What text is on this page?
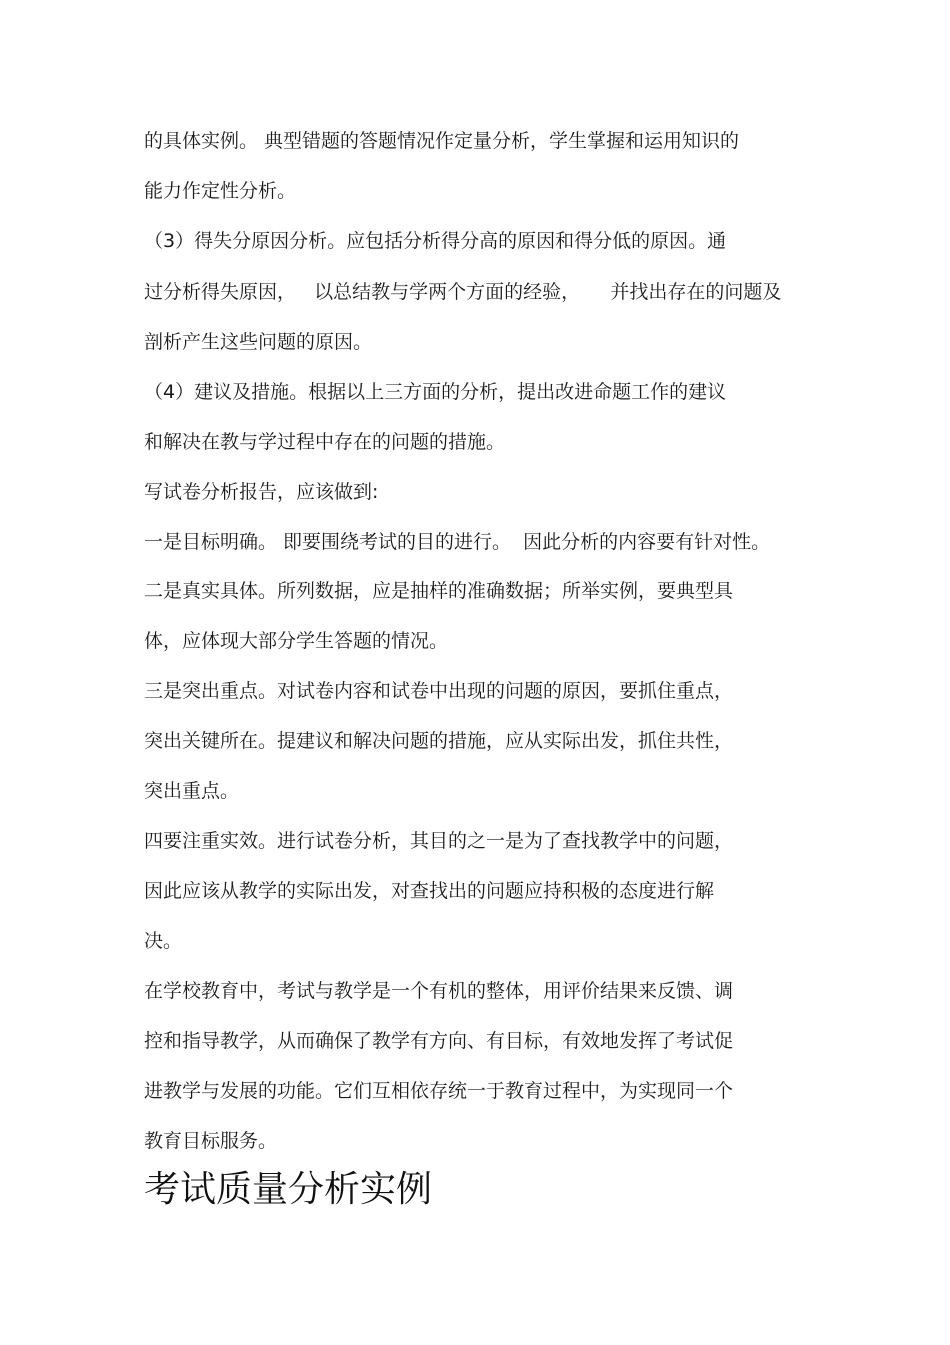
的具体实例。 典型错题的答题情况作定量分析，学生掌握和运用知识的

能力作定性分析。

（3）得失分原因分析。应包括分析得分高的原因和得分低的原因。通

过分析得失原因，   以总结教与学两个方面的经验，     并找出存在的问题及

剖析产生这些问题的原因。

（4）建议及措施。根据以上三方面的分析，提出改进命题工作的建议

和解决在教与学过程中存在的问题的措施。

写试卷分析报告，应该做到:

一是目标明确。 即要围绕考试的目的进行。  因此分析的内容要有针对性。

二是真实具体。所列数据，应是抽样的准确数据；所举实例，要典型具

体，应体现大部分学生答题的情况。

三是突出重点。对试卷内容和试卷中出现的问题的原因，要抓住重点，

突出关键所在。提建议和解决问题的措施，应从实际出发，抓住共性，

突出重点。

四要注重实效。进行试卷分析，其目的之一是为了查找教学中的问题，

因此应该从教学的实际出发，对查找出的问题应持积极的态度进行解

决。

在学校教育中，考试与教学是一个有机的整体，用评价结果来反馈、调

控和指导教学，从而确保了教学有方向、有目标，有效地发挥了考试促

进教学与发展的功能。它们互相依存统一于教育过程中，为实现同一个

教育目标服务。

考试质量分析实例
